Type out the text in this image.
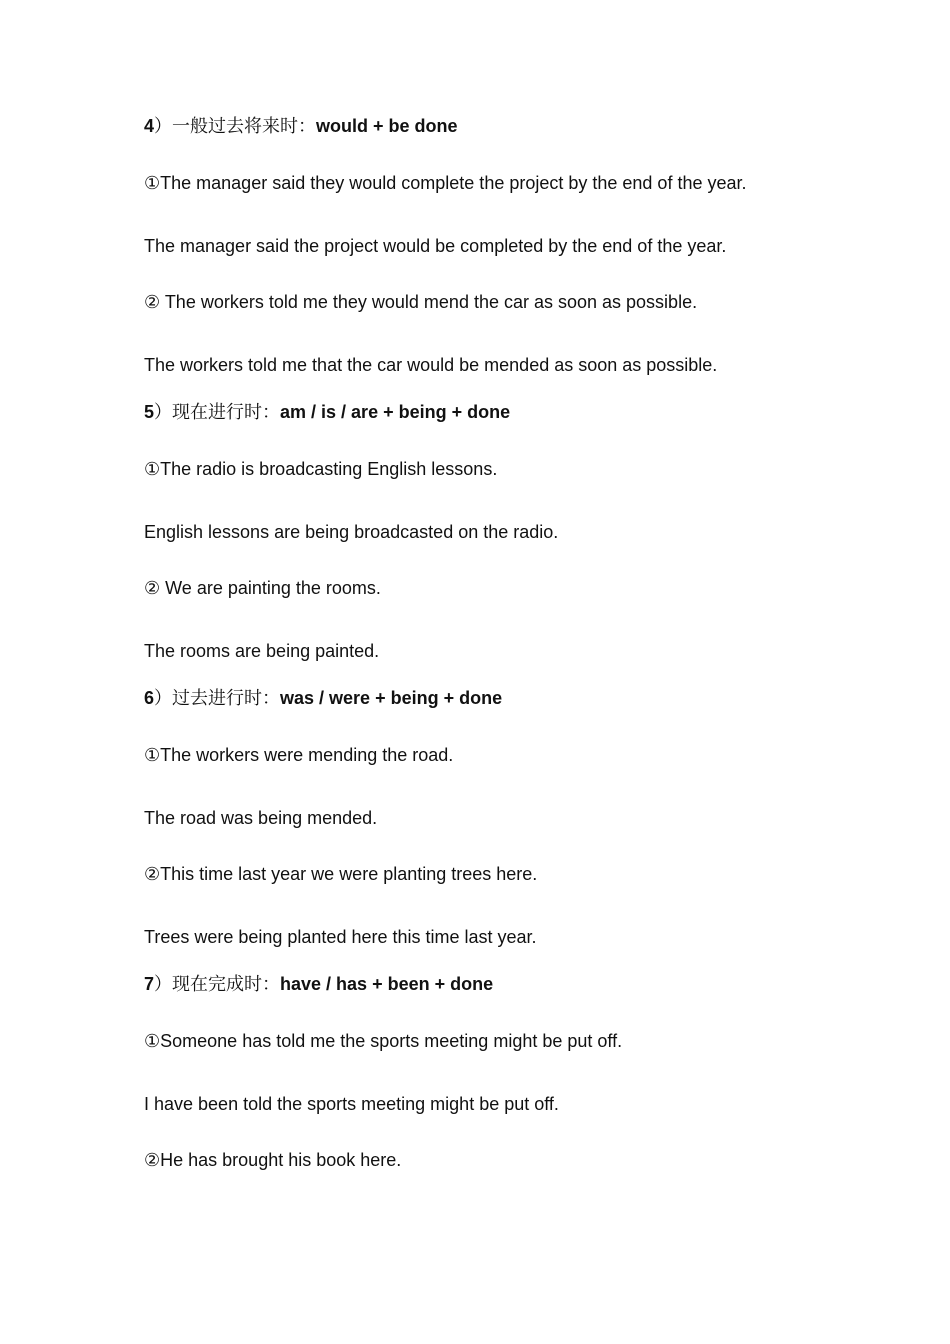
4）一般过去将来时：would + be done
①The manager said they would complete the project by the end of the year.
The manager said the project would be completed by the end of the year.
② The workers told me they would mend the car as soon as possible.
The workers told me that the car would be mended as soon as possible.
5）现在进行时：am / is / are + being + done
①The radio is broadcasting English lessons.
English lessons are being broadcasted on the radio.
② We are painting the rooms.
The rooms are being painted.
6）过去进行时：was / were + being + done
①The workers were mending the road.
The road was being mended.
②This time last year we were planting trees here.
Trees were being planted here this time last year.
7）现在完成时：have / has + been + done
①Someone has told me the sports meeting might be put off.
I have been told the sports meeting might be put off.
②He has brought his book here.
